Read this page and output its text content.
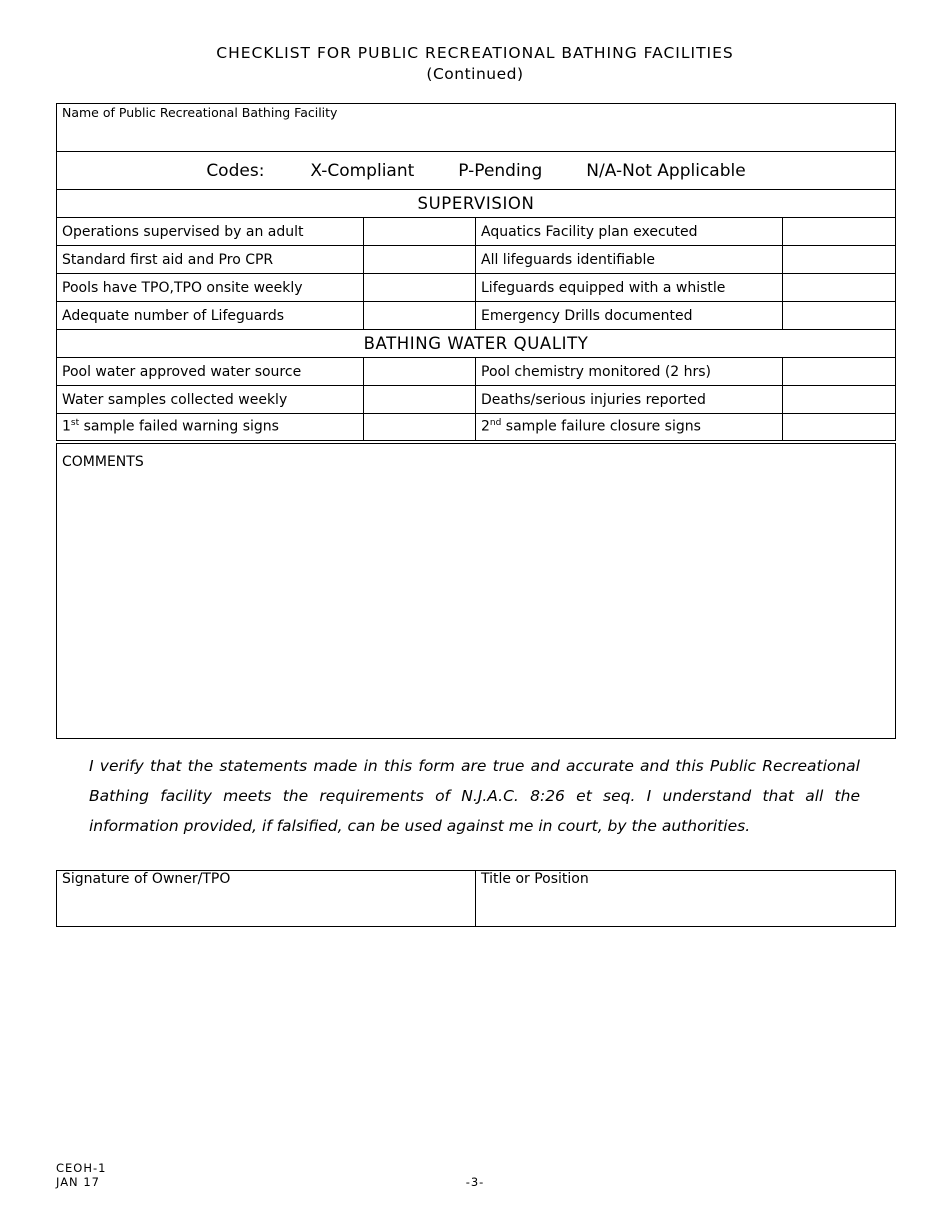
CHECKLIST FOR PUBLIC RECREATIONAL BATHING FACILITIES
(Continued)
Name of Public Recreational Bathing Facility			
Codes: X-Compliant P-Pending N/A-Not Applicable			
SUPERVISION			
Operations supervised by an adult		Aquatics Facility plan executed	
Standard first aid and Pro CPR		All lifeguards identifiable	
Pools have TPO,TPO onsite weekly		Lifeguards equipped with a whistle	
Adequate number of Lifeguards		Emergency Drills documented	
BATHING WATER QUALITY			
Pool water approved water source		Pool chemistry monitored (2 hrs)	
Water samples collected weekly		Deaths/serious injuries reported	
1st sample failed warning signs		2nd sample failure closure signs	
COMMENTS			
I verify that the statements made in this form are true and accurate and this Public Recreational Bathing facility meets the requirements of N.J.A.C. 8:26 et seq. I understand that all the information provided, if falsified, can be used against me in court, by the authorities.
Signature of Owner/TPO	Title or Position
CEOH-1
JAN 17	-3-
